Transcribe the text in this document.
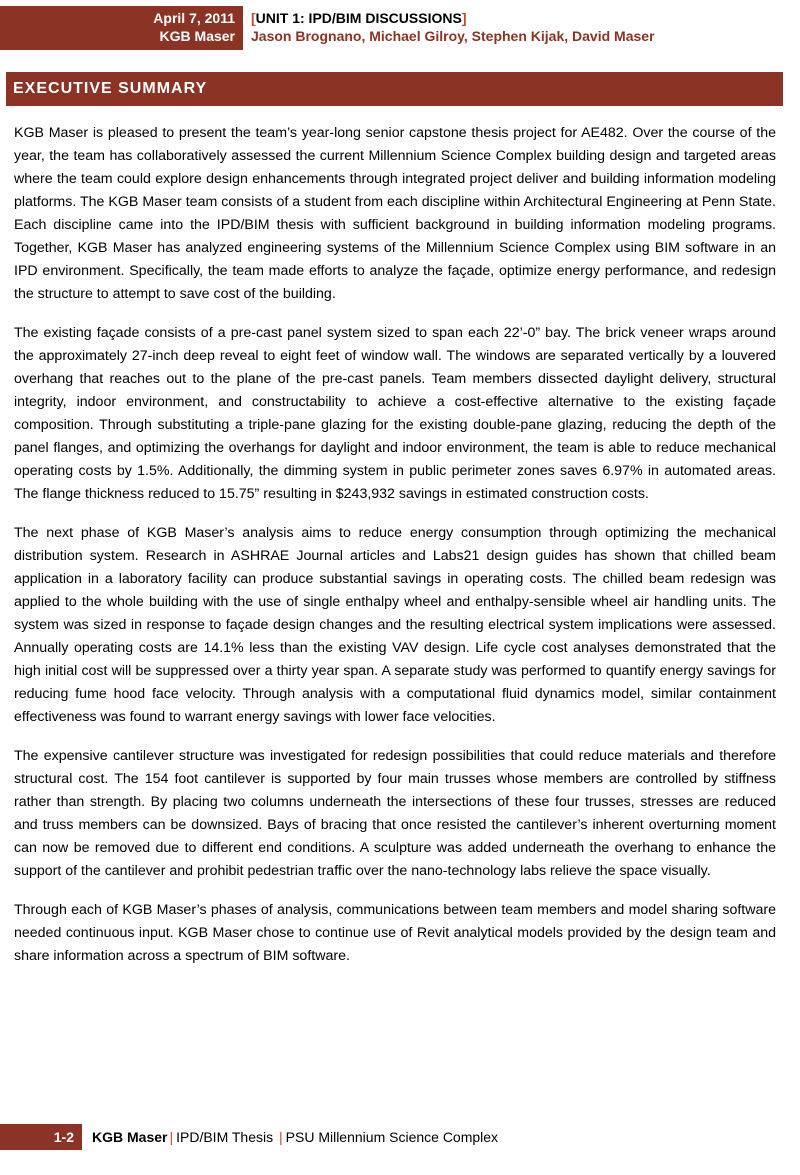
April 7, 2011
KGB Maser
[UNIT 1: IPD/BIM DISCUSSIONS]
Jason Brognano, Michael Gilroy, Stephen Kijak, David Maser
EXECUTIVE SUMMARY

KGB Maser is pleased to present the team’s year-long senior capstone thesis project for AE482. Over the course of the year, the team has collaboratively assessed the current Millennium Science Complex building design and targeted areas where the team could explore design enhancements through integrated project deliver and building information modeling platforms. The KGB Maser team consists of a student from each discipline within Architectural Engineering at Penn State. Each discipline came into the IPD/BIM thesis with sufficient background in building information modeling programs. Together, KGB Maser has analyzed engineering systems of the Millennium Science Complex using BIM software in an IPD environment. Specifically, the team made efforts to analyze the façade, optimize energy performance, and redesign the structure to attempt to save cost of the building.

The existing façade consists of a pre-cast panel system sized to span each 22’-0” bay. The brick veneer wraps around the approximately 27-inch deep reveal to eight feet of window wall. The windows are separated vertically by a louvered overhang that reaches out to the plane of the pre-cast panels. Team members dissected daylight delivery, structural integrity, indoor environment, and constructability to achieve a cost-effective alternative to the existing façade composition. Through substituting a triple-pane glazing for the existing double-pane glazing, reducing the depth of the panel flanges, and optimizing the overhangs for daylight and indoor environment, the team is able to reduce mechanical operating costs by 1.5%. Additionally, the dimming system in public perimeter zones saves 6.97% in automated areas. The flange thickness reduced to 15.75” resulting in $243,932 savings in estimated construction costs.

The next phase of KGB Maser’s analysis aims to reduce energy consumption through optimizing the mechanical distribution system. Research in ASHRAE Journal articles and Labs21 design guides has shown that chilled beam application in a laboratory facility can produce substantial savings in operating costs. The chilled beam redesign was applied to the whole building with the use of single enthalpy wheel and enthalpy-sensible wheel air handling units. The system was sized in response to façade design changes and the resulting electrical system implications were assessed. Annually operating costs are 14.1% less than the existing VAV design. Life cycle cost analyses demonstrated that the high initial cost will be suppressed over a thirty year span. A separate study was performed to quantify energy savings for reducing fume hood face velocity. Through analysis with a computational fluid dynamics model, similar containment effectiveness was found to warrant energy savings with lower face velocities.

The expensive cantilever structure was investigated for redesign possibilities that could reduce materials and therefore structural cost. The 154 foot cantilever is supported by four main trusses whose members are controlled by stiffness rather than strength. By placing two columns underneath the intersections of these four trusses, stresses are reduced and truss members can be downsized. Bays of bracing that once resisted the cantilever’s inherent overturning moment can now be removed due to different end conditions. A sculpture was added underneath the overhang to enhance the support of the cantilever and prohibit pedestrian traffic over the nano-technology labs relieve the space visually.

Through each of KGB Maser’s phases of analysis, communications between team members and model sharing software needed continuous input. KGB Maser chose to continue use of Revit analytical models provided by the design team and share information across a spectrum of BIM software.

1-2	KGB Maser | IPD/BIM Thesis | PSU Millennium Science Complex
